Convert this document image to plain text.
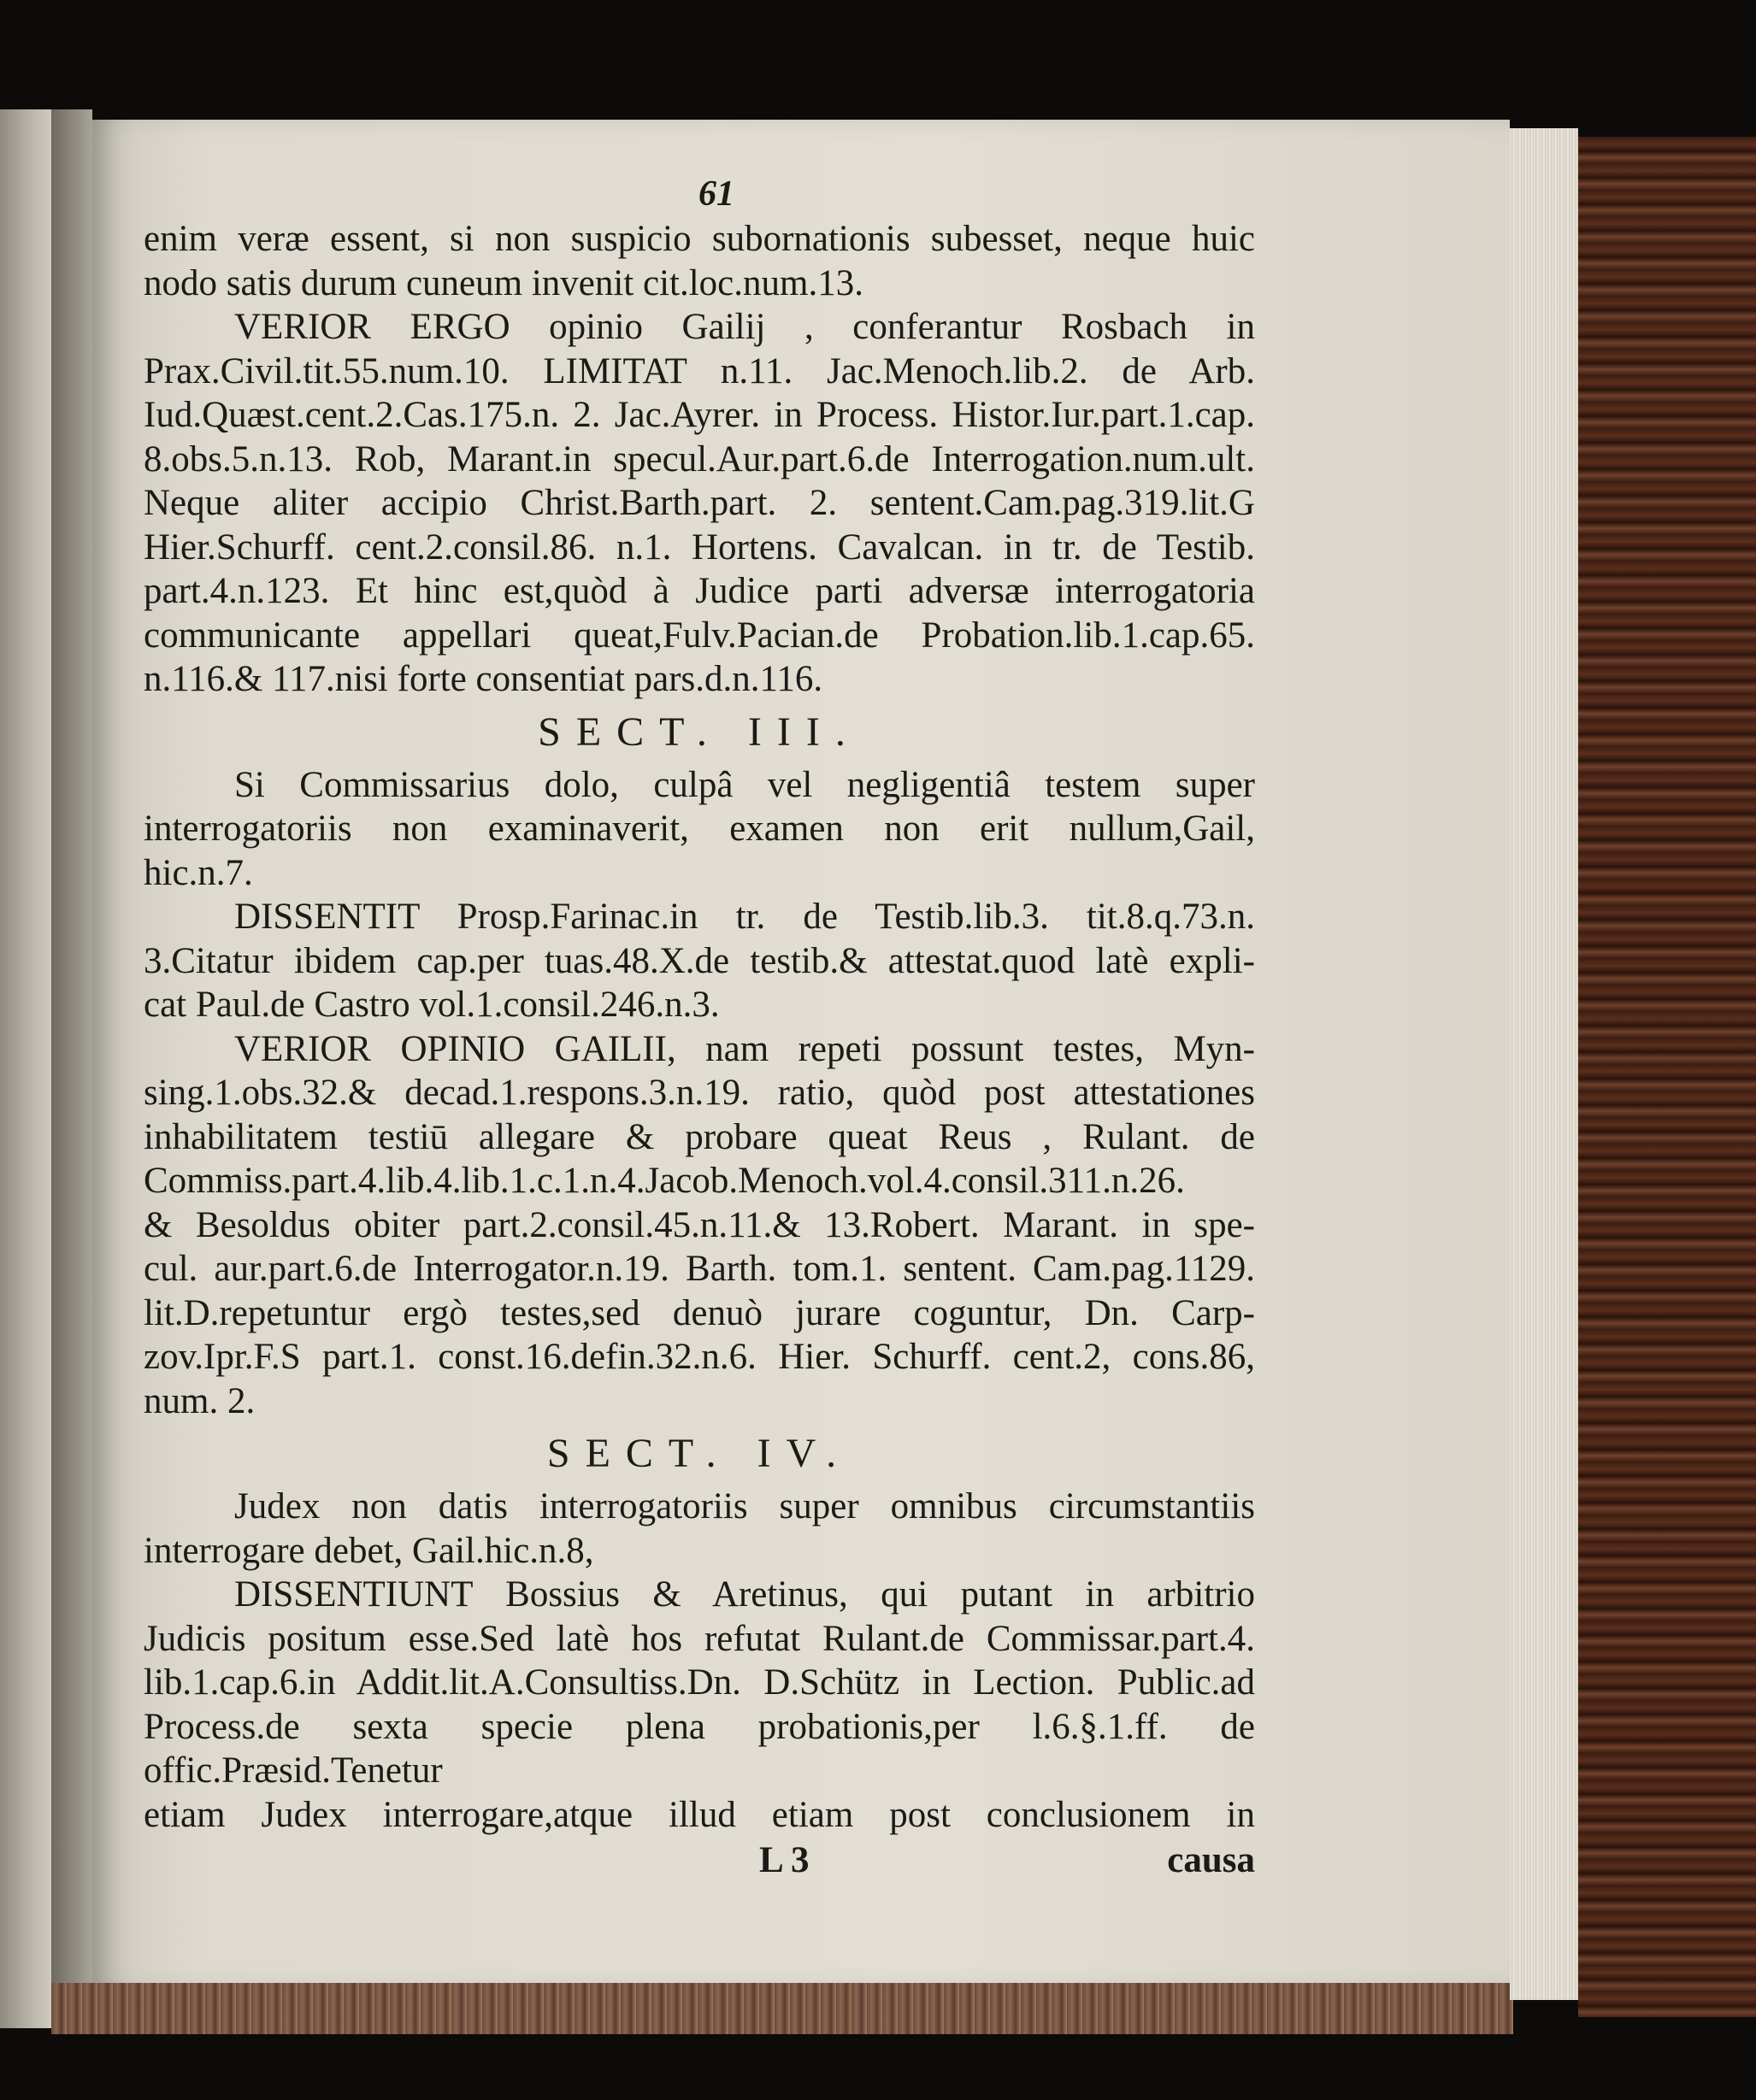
61

enim veræ essent, si non suspicio subornationis subesset, neque huic

nodo satis durum cuneum invenit cit.loc.num.13.

VERIOR ERGO opinio Gailij , conferantur Rosbach in

Prax.Civil.tit.55.num.10. LIMITAT n.11. Jac.Menoch.lib.2. de Arb.

Iud.Quæst.cent.2.Cas.175.n. 2. Jac.Ayrer. in Process. Histor.Iur.part.1.cap.

8.obs.5.n.13. Rob, Marant.in specul.Aur.part.6.de Interrogation.num.ult.

Neque aliter accipio Christ.Barth.part. 2. sentent.Cam.pag.319.lit.G

Hier.Schurff. cent.2.consil.86. n.1. Hortens. Cavalcan. in tr. de Testib.

part.4.n.123. Et hinc est,quòd à Judice parti adversæ interrogatoria

communicante appellari queat,Fulv.Pacian.de Probation.lib.1.cap.65.

n.116.& 117.nisi forte consentiat pars.d.n.116.

SECT. III.

Si Commissarius dolo, culpâ vel negligentiâ testem super

interrogatoriis non examinaverit, examen non erit nullum,Gail,

hic.n.7.

DISSENTIT Prosp.Farinac.in tr. de Testib.lib.3. tit.8.q.73.n.

3.Citatur ibidem cap.per tuas.48.X.de testib.& attestat.quod latè expli-

cat Paul.de Castro vol.1.consil.246.n.3.

VERIOR OPINIO GAILII, nam repeti possunt testes, Myn-

sing.1.obs.32.& decad.1.respons.3.n.19. ratio, quòd post attestationes

inhabilitatem testiū allegare & probare queat Reus , Rulant. de

Commiss.part.4.lib.4.lib.1.c.1.n.4.Jacob.Menoch.vol.4.consil.311.n.26.

& Besoldus obiter part.2.consil.45.n.11.& 13.Robert. Marant. in spe-

cul. aur.part.6.de Interrogator.n.19. Barth. tom.1. sentent. Cam.pag.1129.

lit.D.repetuntur ergò testes,sed denuò jurare coguntur, Dn. Carp-

zov.Ipr.F.S part.1. const.16.defin.32.n.6. Hier. Schurff. cent.2, cons.86,

num. 2.

SECT. IV.

Judex non datis interrogatoriis super omnibus circumstantiis

interrogare debet, Gail.hic.n.8,

DISSENTIUNT Bossius & Aretinus, qui putant in arbitrio

Judicis positum esse.Sed latè hos refutat Rulant.de Commissar.part.4.

lib.1.cap.6.in Addit.lit.A.Consultiss.Dn. D.Schütz in Lection. Public.ad

Process.de sexta specie plena probationis,per l.6.§.1.ff. de offic.Præsid.Tenetur

etiam Judex interrogare,atque illud etiam post conclusionem in

L 3	causa
